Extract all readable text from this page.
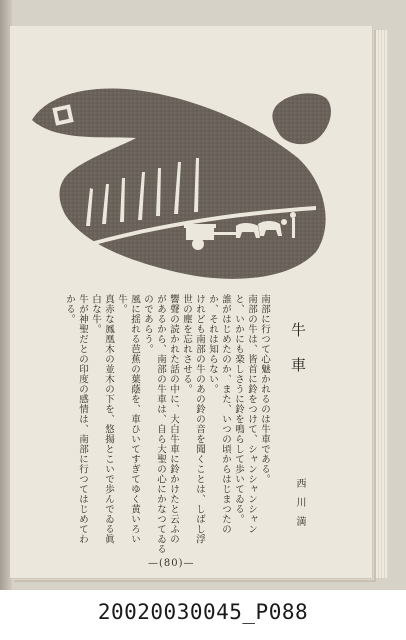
牛車
南部に行つて心魅かれるのは牛車である。
南部の牛は、皆首に鈴をつけて、シャンシャンシャン
と、いかにも楽しさうに鈴を鳴らして歩いてゐる。
誰がはじめたのか、また、いつの頃からはじまつたの
か、それは知らない。
けれども南部の牛のあの鈴の音を聞くことは、しばし浮
世の塵を忘れさせる。
響聲の読かれた話の中に、大白牛車に鈴かけたと云ふの
があるから、南部の牛車は、自ら大聖の心にかなつてゐる
のであらう。
風に揺れる芭蕉の葉蔭を、車ひいてすぎてゆく黄いろい
牛。
真赤な鳳凰木の並木の下を、悠揚とこいで歩んでゐる眞
白な牛。
牛が神聖だとの印度の感情は、南部に行つてはじめてわ
かる。
西川満
—(80)—
20020030045_P088
